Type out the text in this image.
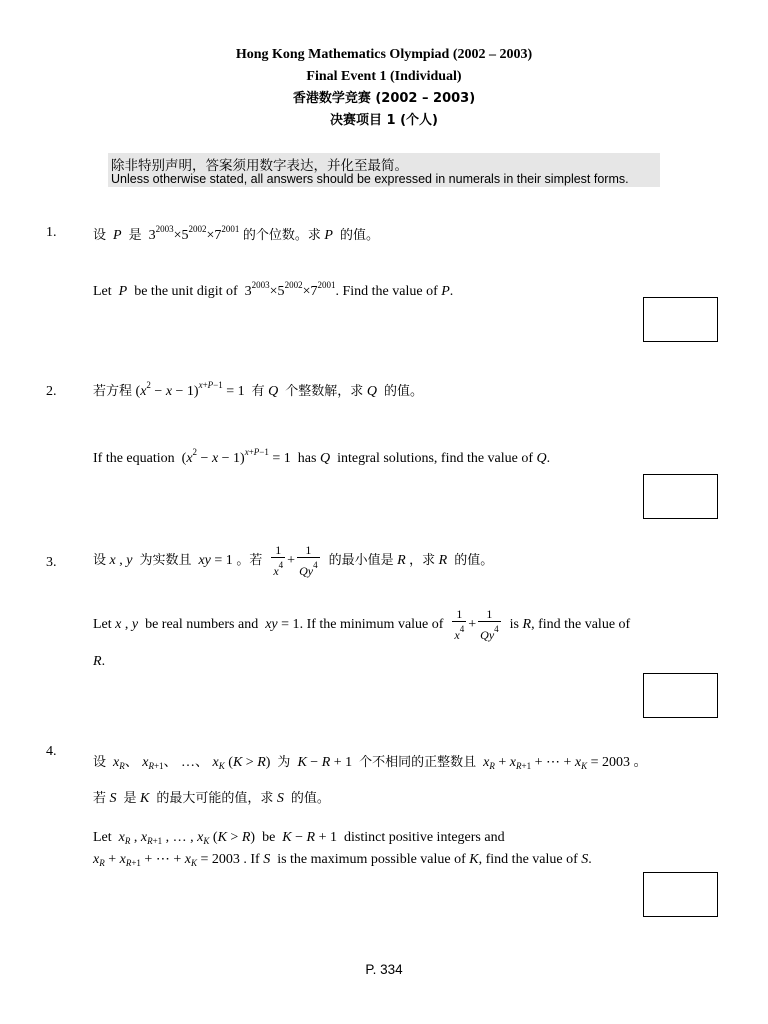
Hong Kong Mathematics Olympiad (2002 – 2003)
Final Event 1 (Individual)
香港数学竞赛 (2002 – 2003)
决赛项目 1 (个人)
除非特别声明，答案须用数字表达，并化至最简。
Unless otherwise stated, all answers should be expressed in numerals in their simplest forms.
1.	设 P 是  $3^{2003}\times 5^{2002}\times 7^{2001}$ 的个位数。求 P 的值。
Let P be the unit digit of  $3^{2003}\times 5^{2002}\times 7^{2001}$. Find the value of P.
2.	若方程 $(x^2 - x - 1)^{x+P-1} = 1$  有 Q 个整数解，求 Q 的值。
If the equation  $(x^2 - x - 1)^{x+P-1} = 1$  has Q integral solutions, find the value of Q.
3.	设 x , y 为实数且 xy = 1 。若 $\frac{1}{x^4} + \frac{1}{Qy^4}$ 的最小值是 R ，求 R 的值。
Let x , y be real numbers and xy = 1. If the minimum value of $\frac{1}{x^4} + \frac{1}{Qy^4}$ is R, find the value of
R.
4.
设 $x_R$、 $x_{R+1}$、 …、 $x_K$ (K > R)  为 K − R + 1  个不相同的正整数且 $x_R + x_{R+1}$ + ⋯ + $x_K = 2003$ 。
若 S 是 K 的最大可能的值，求 S 的值。
Let $x_R$ , $x_{R+1}$ , … , $x_K$ (K > R)  be K − R + 1  distinct positive integers and
$x_R + x_{R+1}$ + ⋯ + $x_K = 2003$ . If S is the maximum possible value of K, find the value of S.
P. 334
